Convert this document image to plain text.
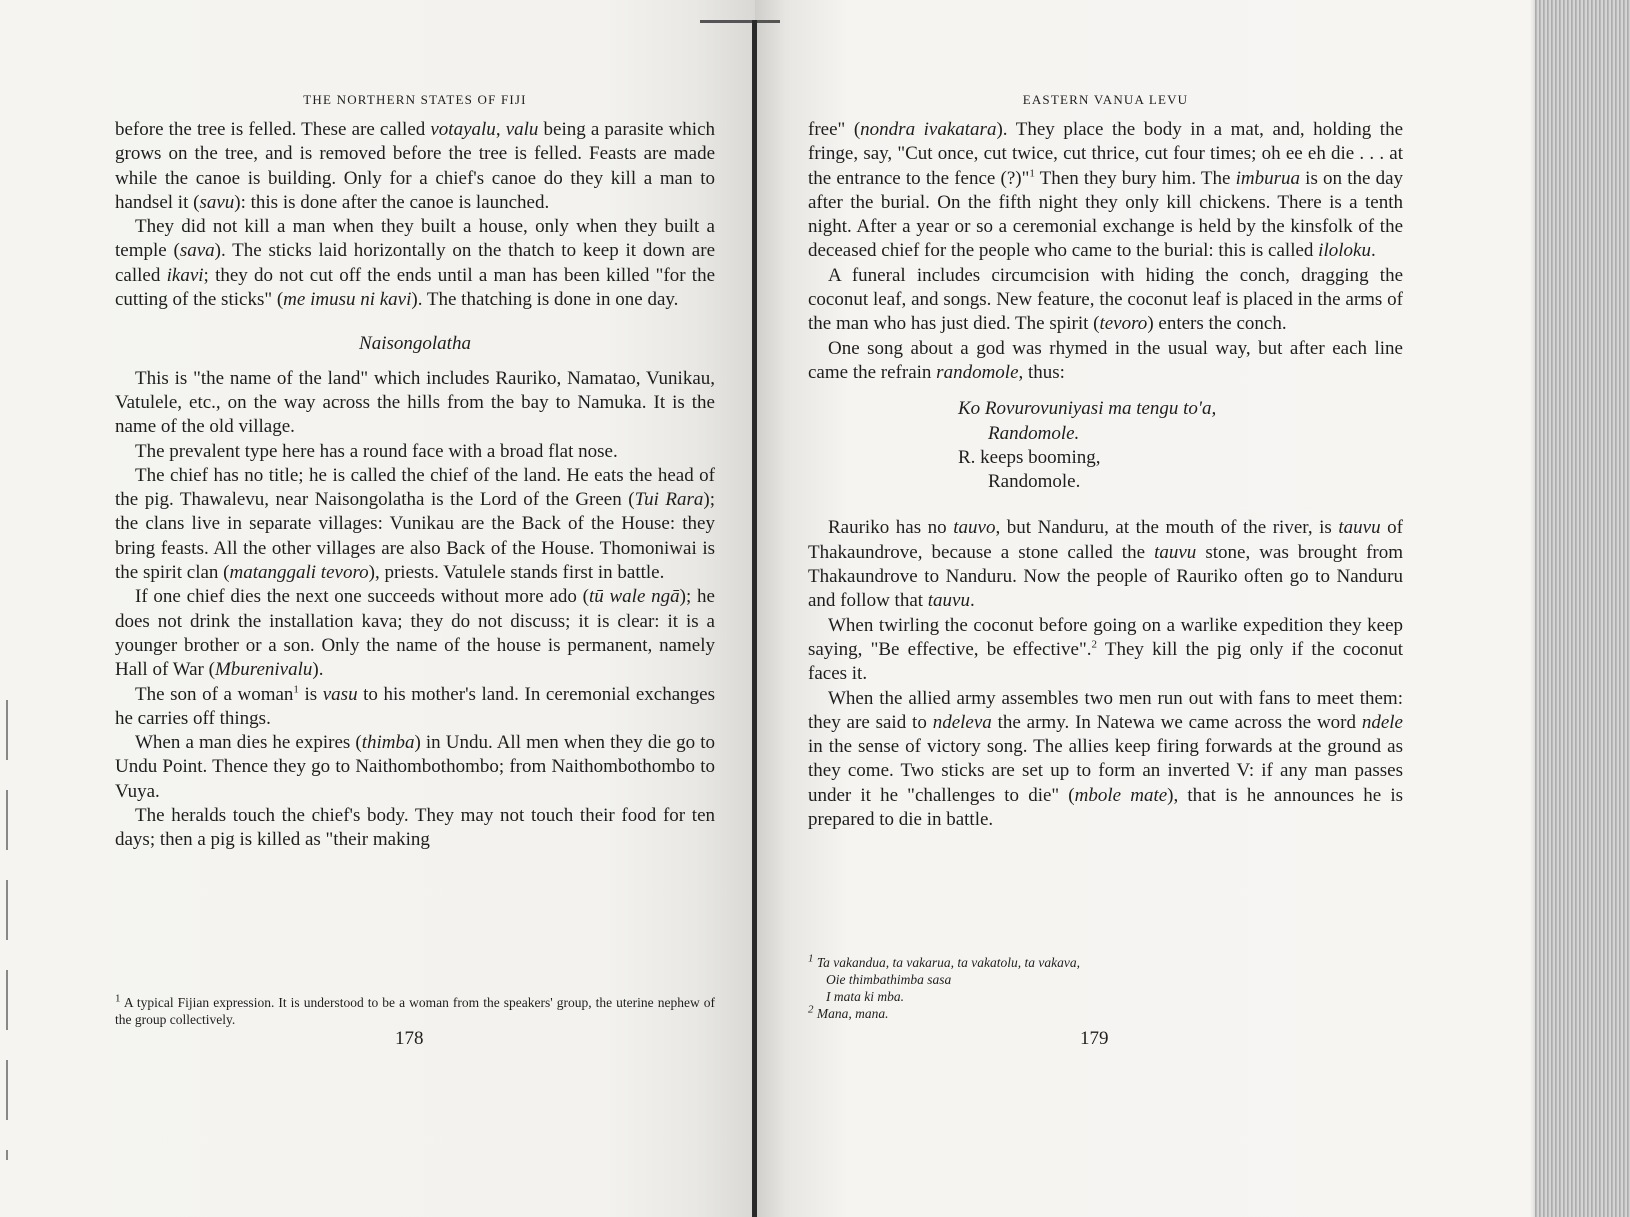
THE NORTHERN STATES OF FIJI

before the tree is felled. These are called votayalu, valu being a parasite which grows on the tree, and is removed before the tree is felled. Feasts are made while the canoe is building. Only for a chief's canoe do they kill a man to handsel it (savu): this is done after the canoe is launched.

They did not kill a man when they built a house, only when they built a temple (sava). The sticks laid horizontally on the thatch to keep it down are called ikavi; they do not cut off the ends until a man has been killed "for the cutting of the sticks" (me imusu ni kavi). The thatching is done in one day.

Naisongolatha

This is "the name of the land" which includes Rauriko, Namatao, Vunikau, Vatulele, etc., on the way across the hills from the bay to Namuka. It is the name of the old village.

The prevalent type here has a round face with a broad flat nose.

The chief has no title; he is called the chief of the land. He eats the head of the pig. Thawalevu, near Naisongolatha is the Lord of the Green (Tui Rara); the clans live in separate villages: Vunikau are the Back of the House: they bring feasts. All the other villages are also Back of the House. Thomoniwai is the spirit clan (matanggali tevoro), priests. Vatulele stands first in battle.

If one chief dies the next one succeeds without more ado (tū wale ngā); he does not drink the installation kava; they do not discuss; it is clear: it is a younger brother or a son. Only the name of the house is permanent, namely Hall of War (Mburenivalu).

The son of a woman$^1$ is vasu to his mother's land. In ceremonial exchanges he carries off things.

When a man dies he expires (thimba) in Undu. All men when they die go to Undu Point. Thence they go to Naithombothombo; from Naithombothombo to Vuya.

The heralds touch the chief's body. They may not touch their food for ten days; then a pig is killed as "their making

$^1$ A typical Fijian expression. It is understood to be a woman from the speakers' group, the uterine nephew of the group collectively.
178
EASTERN VANUA LEVU

free" (nondra ivakatara). They place the body in a mat, and, holding the fringe, say, "Cut once, cut twice, cut thrice, cut four times; oh ee eh die . . . at the entrance to the fence (?)"$^1$ Then they bury him. The imburua is on the day after the burial. On the fifth night they only kill chickens. There is a tenth night. After a year or so a ceremonial exchange is held by the kinsfolk of the deceased chief for the people who came to the burial: this is called iloloku.

A funeral includes circumcision with hiding the conch, dragging the coconut leaf, and songs. New feature, the coconut leaf is placed in the arms of the man who has just died. The spirit (tevoro) enters the conch.

One song about a god was rhymed in the usual way, but after each line came the refrain randomole, thus:

Ko Rovurovuniyasi ma tengu to'a,
Randomole.
R. keeps booming,
Randomole.

Rauriko has no tauvo, but Nanduru, at the mouth of the river, is tauvu of Thakaundrove, because a stone called the tauvu stone, was brought from Thakaundrove to Nanduru. Now the people of Rauriko often go to Nanduru and follow that tauvu.

When twirling the coconut before going on a warlike expedition they keep saying, "Be effective, be effective".$^2$ They kill the pig only if the coconut faces it.

When the allied army assembles two men run out with fans to meet them: they are said to ndeleva the army. In Natewa we came across the word ndele in the sense of victory song. The allies keep firing forwards at the ground as they come. Two sticks are set up to form an inverted V: if any man passes under it he "challenges to die" (mbole mate), that is he announces he is prepared to die in battle.

$^1$ Ta vakandua, ta vakarua, ta vakatolu, ta vakava,
Oie thimbathimba sasa
I mata ki mba.
$^2$ Mana, mana.
179
